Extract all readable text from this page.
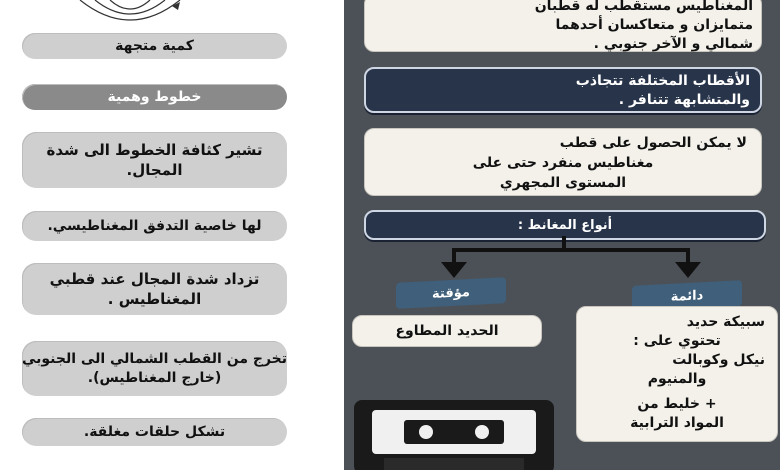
كمية متجهة
خطوط وهمية
تشير كثافة الخطوط الى شدة المجال.
لها خاصية التدفق المغناطيسي.
تزداد شدة المجال عند قطبي المغناطيس .
تخرج من القطب الشمالي الى الجنوبي (خارج المغناطيس).
تشكل حلقات مغلقة.
المغناطيس مستقطب له قطبان
متمايزان و متعاكسان أحدهما
شمالي و الآخر جنوبي .
الأقطاب المختلفة تتجاذب
والمتشابهة تتنافر .
لا يمكن الحصول على قطب
مغناطيس منفرد حتى على
المستوى المجهري
أنواع المغانط :
مؤقتة	دائمة
الحديد المطاوع
سبيكة حديد
تحتوي على :
نيكل وكوبالت
والمنيوم
+ خليط من
المواد الترابية
